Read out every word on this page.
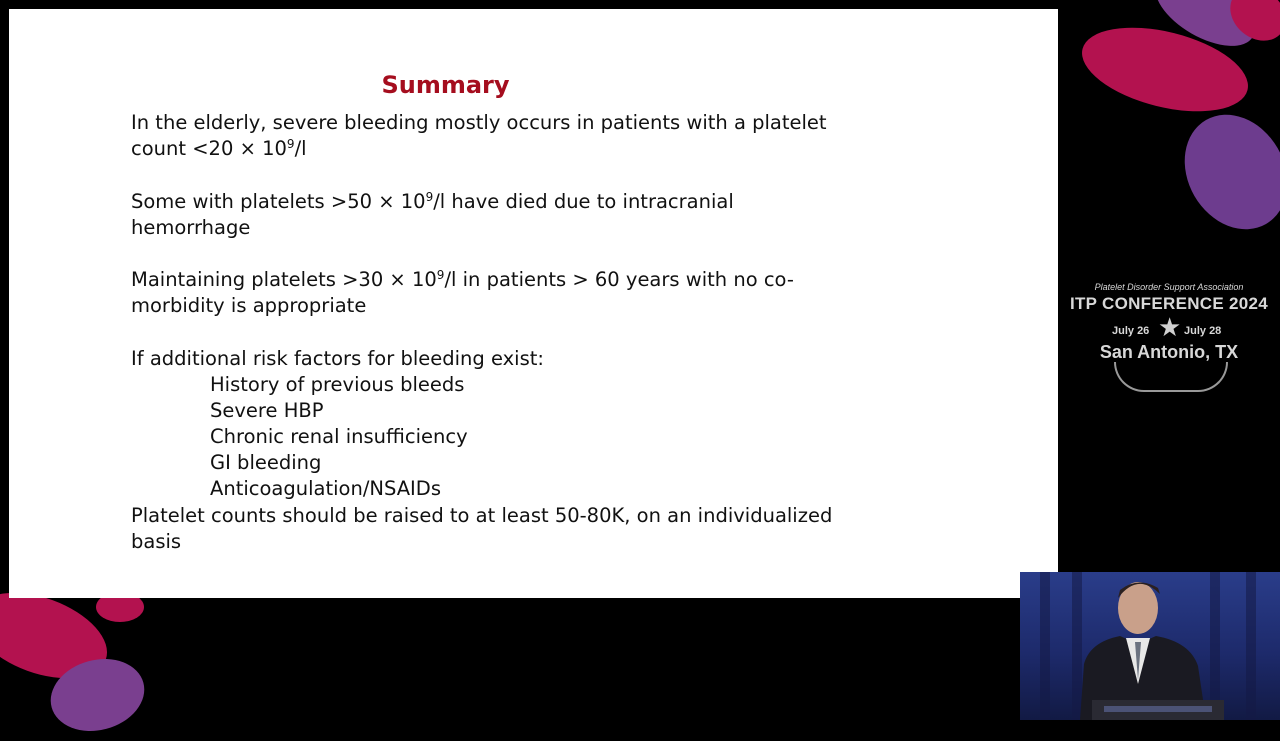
Summary
In the elderly, severe bleeding mostly occurs in patients with a platelet
count $<20 \times 10^9/l$
Some with platelets $>50 \times 10^9/l$ have died due to intracranial
hemorrhage
Maintaining platelets $>30 \times 10^9/l$ in patients > 60 years with no co-
morbidity is appropriate
If additional risk factors for bleeding exist:
History of previous bleeds
Severe HBP
Chronic renal insufficiency
GI bleeding
Anticoagulation/NSAIDs
Platelet counts should be raised to at least 50-80K, on an individualized
basis
Platelet Disorder Support Association
ITP CONFERENCE 2024
July 26 ★ July 28
San Antonio, TX
